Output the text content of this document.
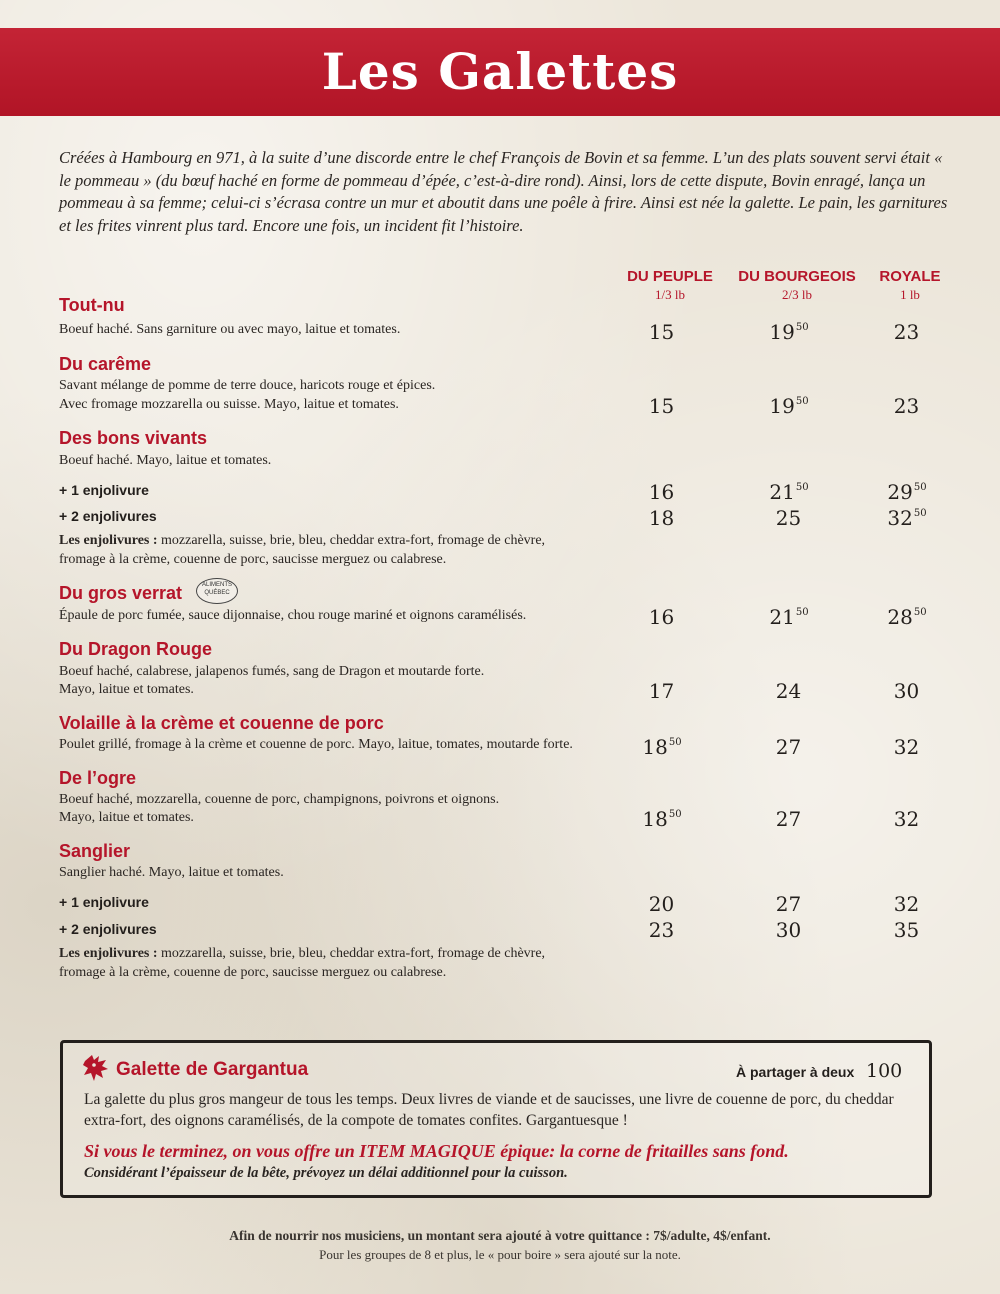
Les Galettes
Créées à Hambourg en 971, à la suite d’une discorde entre le chef François de Bovin et sa femme. L’un des plats souvent servi était « le pommeau » (du bœuf haché en forme de pommeau d’épée, c’est-à-dire rond). Ainsi, lors de cette dispute, Bovin enragé, lança un pommeau à sa femme; celui-ci s’écrasa contre un mur et aboutit dans une poêle à frire. Ainsi est née la galette. Le pain, les garnitures et les frites vinrent plus tard. Encore une fois, un incident fit l’histoire.
DU PEUPLE
1/3 lb
DU BOURGEOIS
2/3 lb
ROYALE
1 lb
Tout-nu
Boeuf haché. Sans garniture ou avec mayo, laitue et tomates.	15	$19^{50}$	23
Du carême
Savant mélange de pomme de terre douce, haricots rouge et épices.
Avec fromage mozzarella ou suisse. Mayo, laitue et tomates.	15	$19^{50}$	23
Des bons vivants
Boeuf haché. Mayo, laitue et tomates.
+ 1 enjolivure	16	$21^{50}$	$29^{50}$
+ 2 enjolivures	18	25	$32^{50}$
Les enjolivures : mozzarella, suisse, brie, bleu, cheddar extra-fort, fromage de chèvre,
fromage à la crème, couenne de porc, saucisse merguez ou calabrese.
Du gros verrat	ALIMENTS QUÉBEC
Épaule de porc fumée, sauce dijonnaise, chou rouge mariné et oignons caramélisés.	16	$21^{50}$	$28^{50}$
Du Dragon Rouge
Boeuf haché, calabrese, jalapenos fumés, sang de Dragon et moutarde forte.
Mayo, laitue et tomates.	17	24	30
Volaille à la crème et couenne de porc
Poulet grillé, fromage à la crème et couenne de porc. Mayo, laitue, tomates, moutarde forte.	$18^{50}$	27	32
De l’ogre
Boeuf haché, mozzarella, couenne de porc, champignons, poivrons et oignons.
Mayo, laitue et tomates.	$18^{50}$	27	32
Sanglier
Sanglier haché. Mayo, laitue et tomates.
+ 1 enjolivure	20	27	32
+ 2 enjolivures	23	30	35
Les enjolivures : mozzarella, suisse, brie, bleu, cheddar extra-fort, fromage de chèvre,
fromage à la crème, couenne de porc, saucisse merguez ou calabrese.
Galette de Gargantua	À partager à deux 100
La galette du plus gros mangeur de tous les temps. Deux livres de viande et de saucisses, une livre de couenne de porc, du cheddar extra-fort, des oignons caramélisés, de la compote de tomates confites. Gargantuesque !
Si vous le terminez, on vous offre un ITEM MAGIQUE épique: la corne de fritailles sans fond.
Considérant l’épaisseur de la bête, prévoyez un délai additionnel pour la cuisson.
Afin de nourrir nos musiciens, un montant sera ajouté à votre quittance : 7$/adulte, 4$/enfant.
Pour les groupes de 8 et plus, le « pour boire » sera ajouté sur la note.
